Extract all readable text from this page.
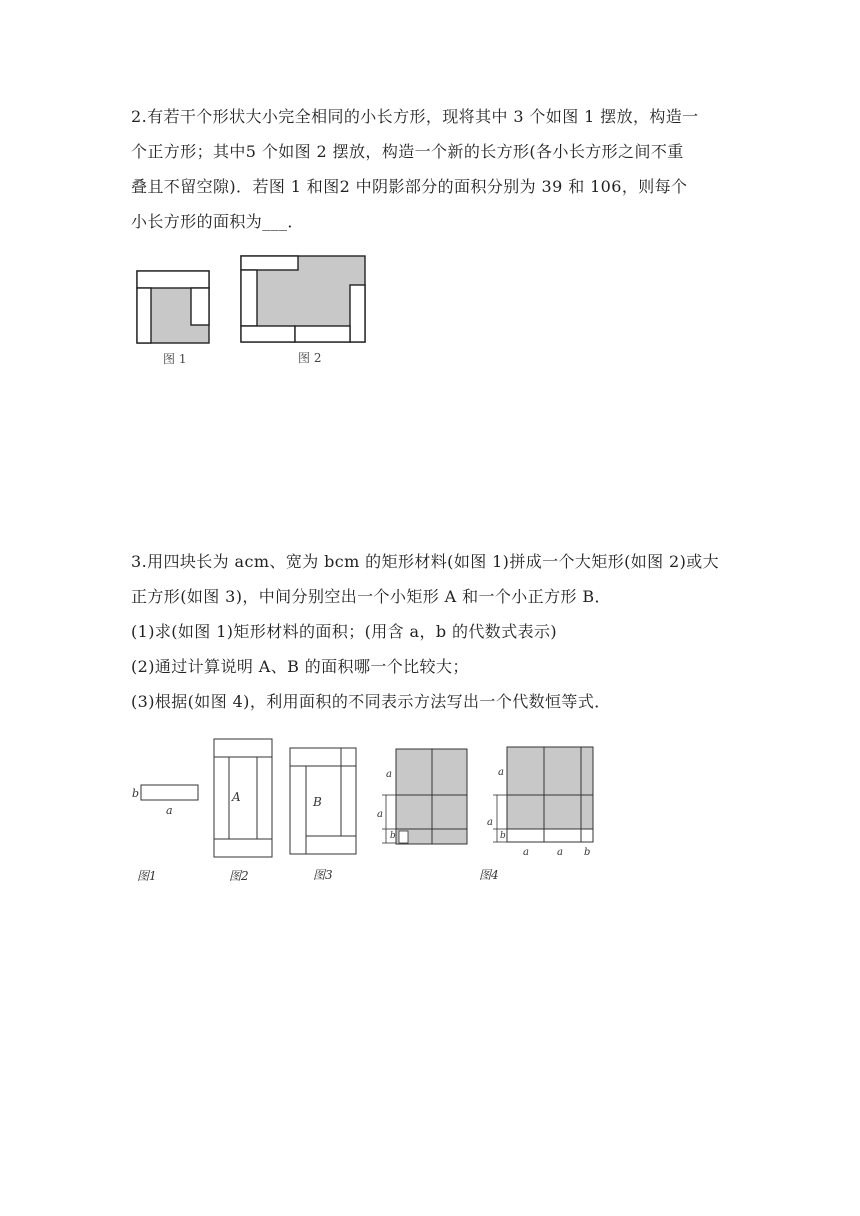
2.有若干个形状大小完全相同的小长方形，现将其中 3 个如图 1 摆放，构造一
个正方形；其中5 个如图 2 摆放，构造一个新的长方形(各小长方形之间不重
叠且不留空隙)．若图 1 和图2 中阴影部分的面积分别为 39 和 106，则每个
小长方形的面积为___．
图 1	图 2
3.用四块长为 acm、宽为 bcm 的矩形材料(如图 1)拼成一个大矩形(如图 2)或大
正方形(如图 3)，中间分别空出一个小矩形 A 和一个小正方形 B．
(1)求(如图 1)矩形材料的面积；(用含 a，b 的代数式表示)
(2)通过计算说明 A、B 的面积哪一个比较大；
(3)根据(如图 4)，利用面积的不同表示方法写出一个代数恒等式．
b
a
图1
A
图2
B
图3
a
a
b
a
a
b
a	a b
图4
